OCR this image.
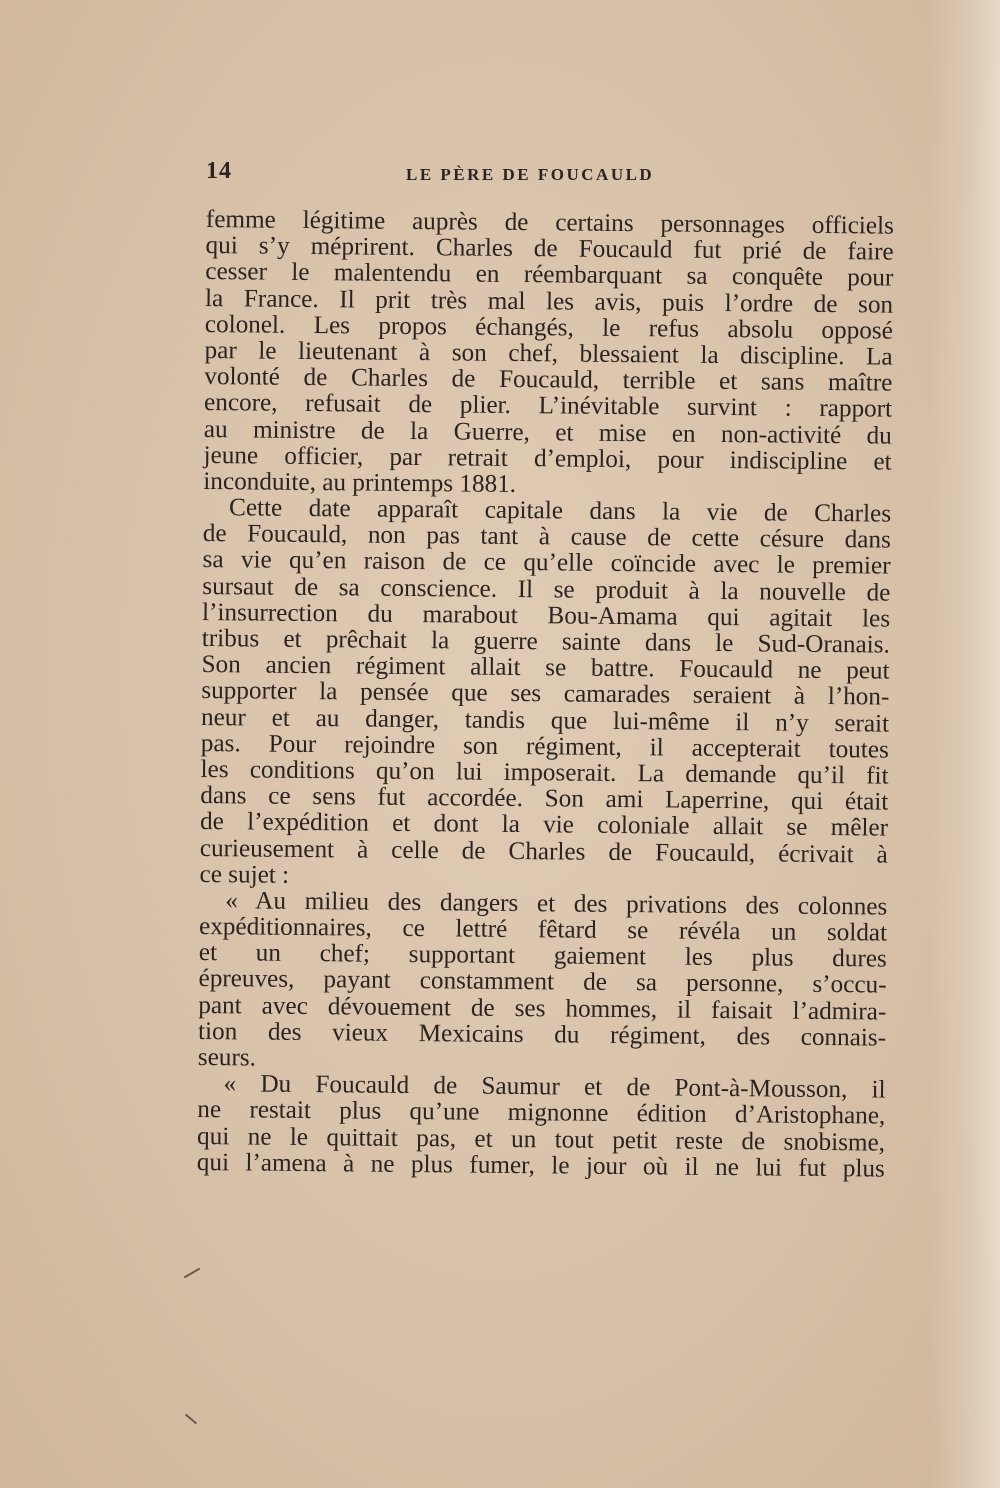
14	LE PÈRE DE FOUCAULD
femme légitime auprès de certains personnages officiels
qui s’y méprirent. Charles de Foucauld fut prié de faire
cesser le malentendu en réembarquant sa conquête pour
la France. Il prit très mal les avis, puis l’ordre de son
colonel. Les propos échangés, le refus absolu opposé
par le lieutenant à son chef, blessaient la discipline. La
volonté de Charles de Foucauld, terrible et sans maître
encore, refusait de plier. L’inévitable survint : rapport
au ministre de la Guerre, et mise en non-activité du
jeune officier, par retrait d’emploi, pour indiscipline et
inconduite, au printemps 1881.
Cette date apparaît capitale dans la vie de Charles
de Foucauld, non pas tant à cause de cette césure dans
sa vie qu’en raison de ce qu’elle coïncide avec le premier
sursaut de sa conscience. Il se produit à la nouvelle de
l’insurrection du marabout Bou-Amama qui agitait les
tribus et prêchait la guerre sainte dans le Sud-Oranais.
Son ancien régiment allait se battre. Foucauld ne peut
supporter la pensée que ses camarades seraient à l’hon-
neur et au danger, tandis que lui-même il n’y serait
pas. Pour rejoindre son régiment, il accepterait toutes
les conditions qu’on lui imposerait. La demande qu’il fit
dans ce sens fut accordée. Son ami Laperrine, qui était
de l’expédition et dont la vie coloniale allait se mêler
curieusement à celle de Charles de Foucauld, écrivait à
ce sujet :
« Au milieu des dangers et des privations des colonnes
expéditionnaires, ce lettré fêtard se révéla un soldat
et un chef; supportant gaiement les plus dures
épreuves, payant constamment de sa personne, s’occu-
pant avec dévouement de ses hommes, il faisait l’admira-
tion des vieux Mexicains du régiment, des connais-
seurs.
« Du Foucauld de Saumur et de Pont-à-Mousson, il
ne restait plus qu’une mignonne édition d’Aristophane,
qui ne le quittait pas, et un tout petit reste de snobisme,
qui l’amena à ne plus fumer, le jour où il ne lui fut plus
